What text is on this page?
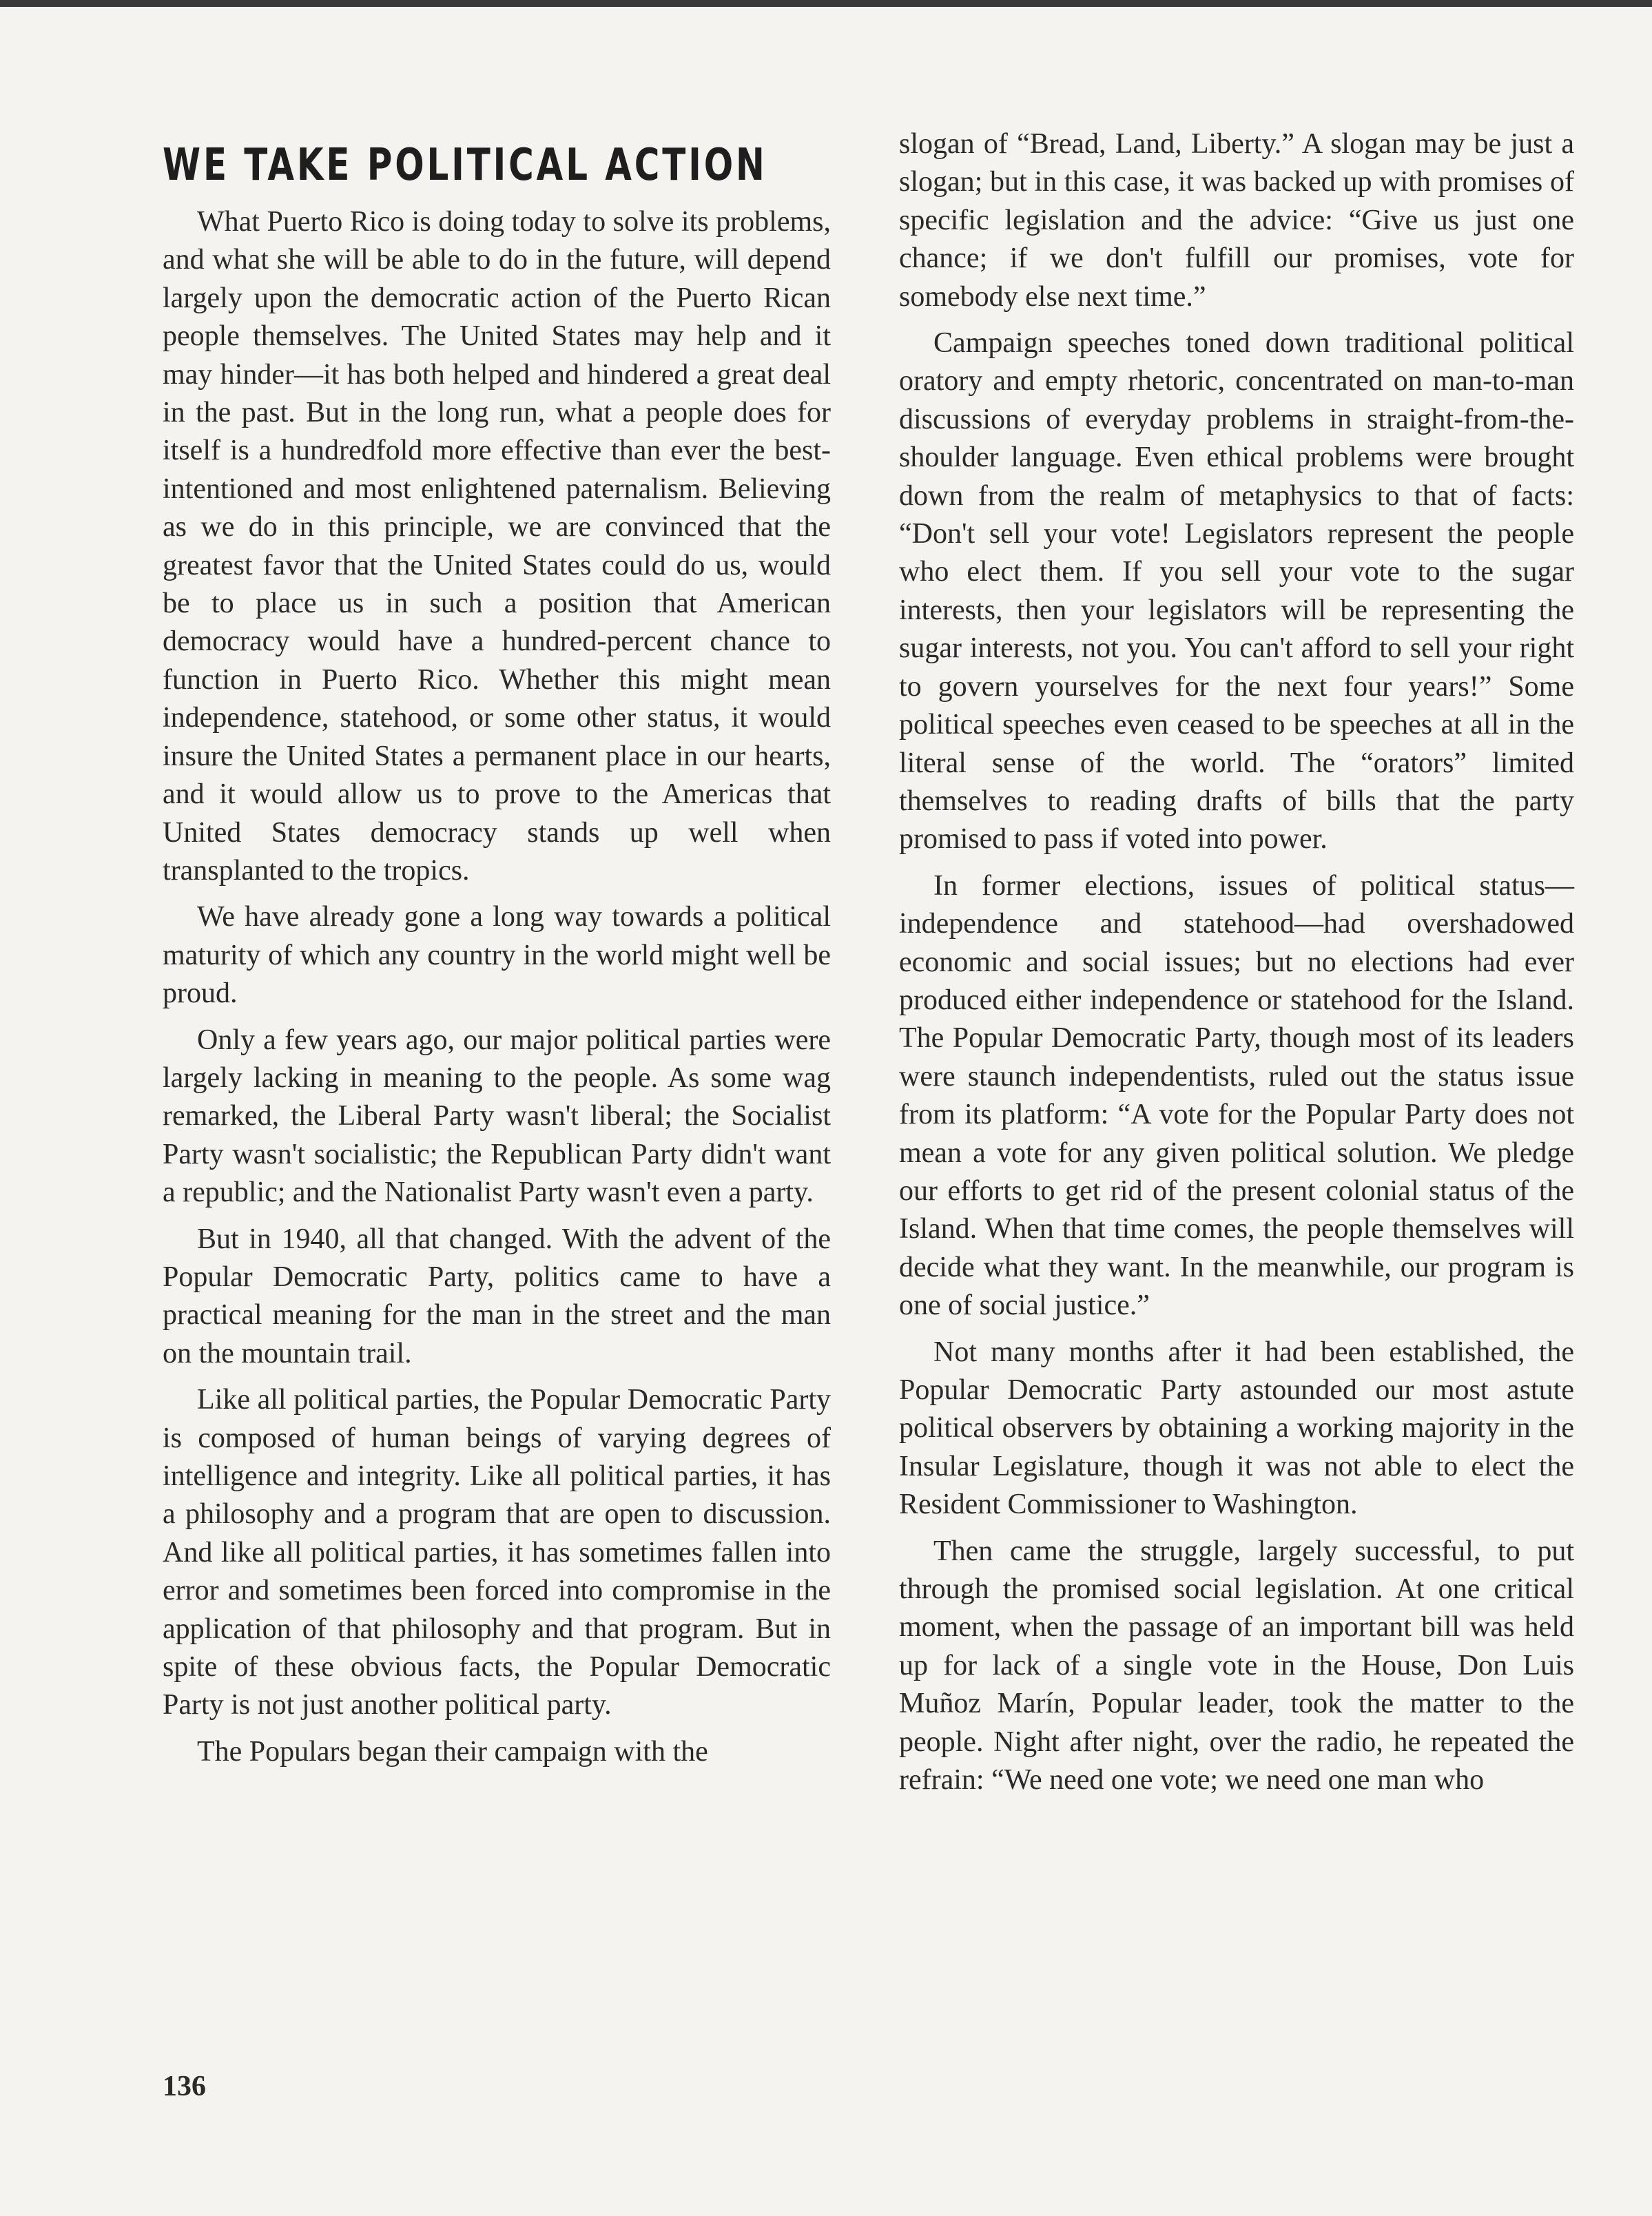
WE TAKE POLITICAL ACTION

What Puerto Rico is doing today to solve its problems, and what she will be able to do in the future, will depend largely upon the democratic action of the Puerto Rican people themselves. The United States may help and it may hinder—it has both helped and hindered a great deal in the past. But in the long run, what a people does for itself is a hundredfold more effective than ever the best-intentioned and most enlightened paternalism. Believing as we do in this principle, we are convinced that the greatest favor that the United States could do us, would be to place us in such a position that American democracy would have a hundred-percent chance to function in Puerto Rico. Whether this might mean independence, statehood, or some other status, it would insure the United States a permanent place in our hearts, and it would allow us to prove to the Americas that United States democracy stands up well when transplanted to the tropics.

We have already gone a long way towards a political maturity of which any country in the world might well be proud.

Only a few years ago, our major political parties were largely lacking in meaning to the people. As some wag remarked, the Liberal Party wasn't liberal; the Socialist Party wasn't socialistic; the Republican Party didn't want a republic; and the Nationalist Party wasn't even a party.

But in 1940, all that changed. With the advent of the Popular Democratic Party, politics came to have a practical meaning for the man in the street and the man on the mountain trail.

Like all political parties, the Popular Democratic Party is composed of human beings of varying degrees of intelligence and integrity. Like all political parties, it has a philosophy and a program that are open to discussion. And like all political parties, it has sometimes fallen into error and sometimes been forced into compromise in the application of that philosophy and that program. But in spite of these obvious facts, the Popular Democratic Party is not just another political party.

The Populars began their campaign with the

slogan of “Bread, Land, Liberty.” A slogan may be just a slogan; but in this case, it was backed up with promises of specific legislation and the advice: “Give us just one chance; if we don't fulfill our promises, vote for somebody else next time.”

Campaign speeches toned down traditional political oratory and empty rhetoric, concentrated on man-to-man discussions of everyday problems in straight-from-the-shoulder language. Even ethical problems were brought down from the realm of metaphysics to that of facts: “Don't sell your vote! Legislators represent the people who elect them. If you sell your vote to the sugar interests, then your legislators will be representing the sugar interests, not you. You can't afford to sell your right to govern yourselves for the next four years!” Some political speeches even ceased to be speeches at all in the literal sense of the world. The “orators” limited themselves to reading drafts of bills that the party promised to pass if voted into power.

In former elections, issues of political status—independence and statehood—had overshadowed economic and social issues; but no elections had ever produced either independence or statehood for the Island. The Popular Democratic Party, though most of its leaders were staunch independentists, ruled out the status issue from its platform: “A vote for the Popular Party does not mean a vote for any given political solution. We pledge our efforts to get rid of the present colonial status of the Island. When that time comes, the people themselves will decide what they want. In the meanwhile, our program is one of social justice.”

Not many months after it had been established, the Popular Democratic Party astounded our most astute political observers by obtaining a working majority in the Insular Legislature, though it was not able to elect the Resident Commissioner to Washington.

Then came the struggle, largely successful, to put through the promised social legislation. At one critical moment, when the passage of an important bill was held up for lack of a single vote in the House, Don Luis Muñoz Marín, Popular leader, took the matter to the people. Night after night, over the radio, he repeated the refrain: “We need one vote; we need one man who

136
